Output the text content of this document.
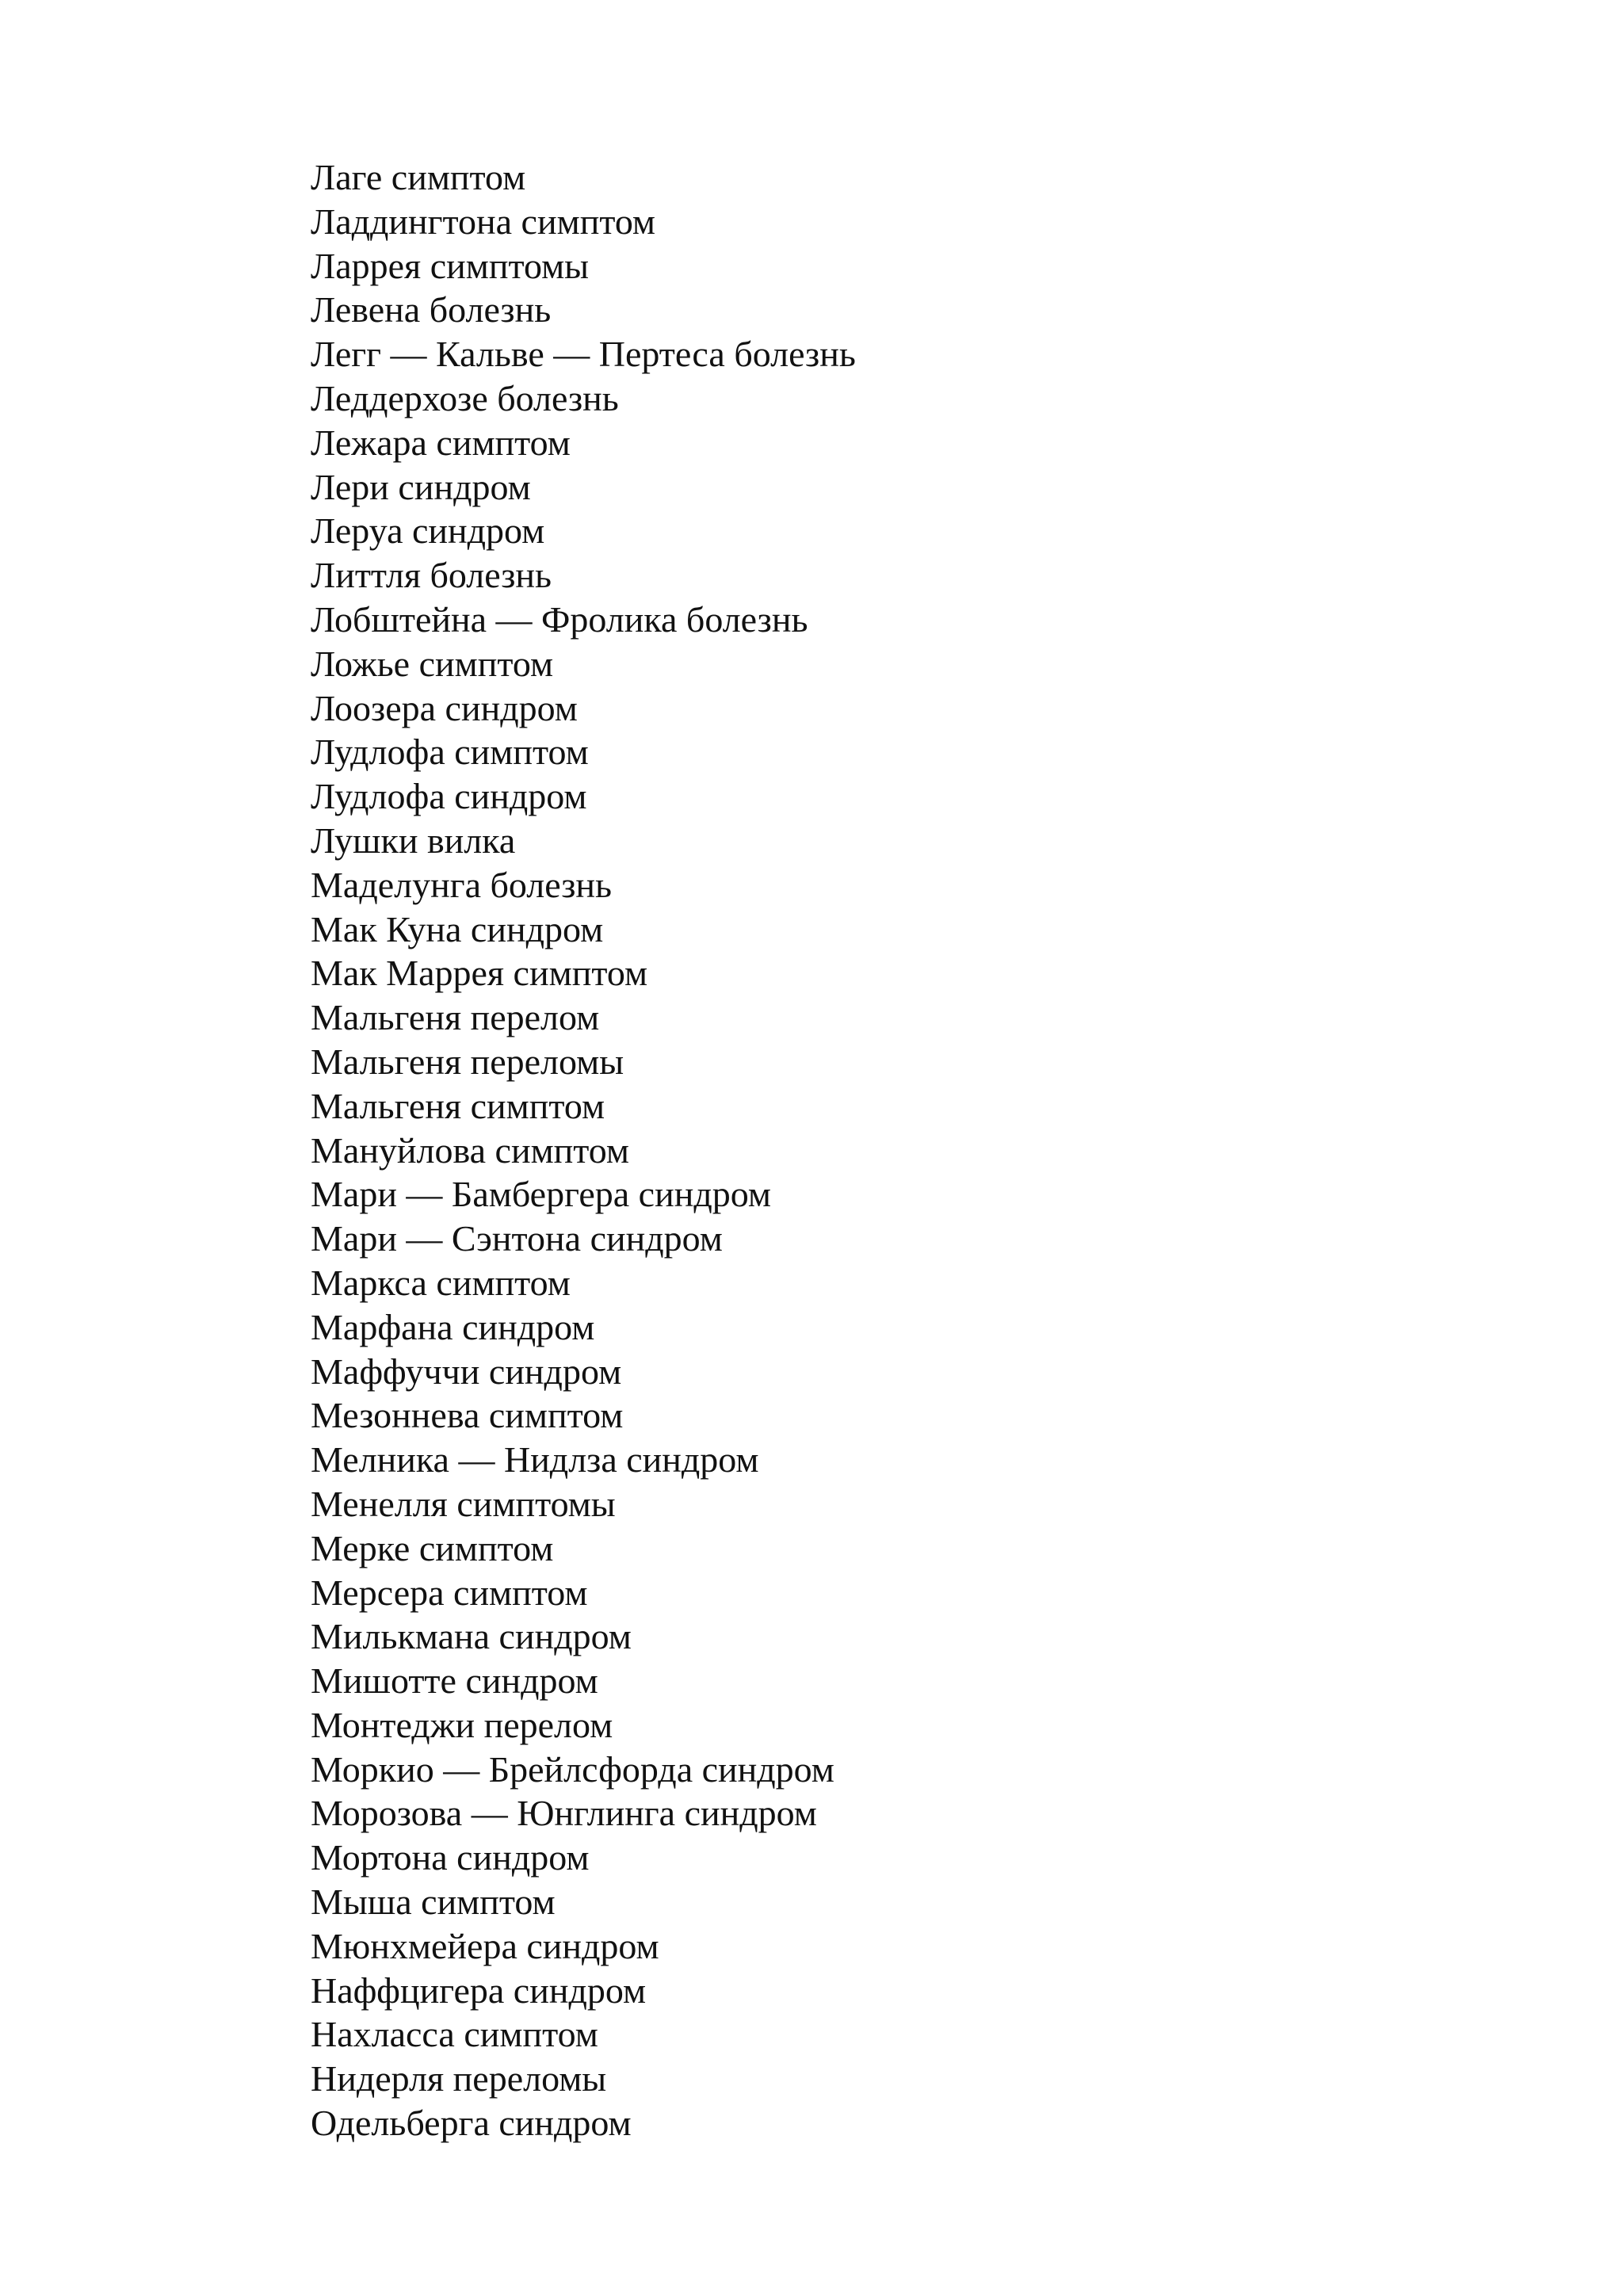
Лаге симптом
Ладдингтона симптом
Ларрея симптомы
Левена болезнь
Легг — Кальве — Пертеса болезнь
Леддерхозе болезнь
Лежара симптом
Лери синдром
Леруа синдром
Литтля болезнь
Лобштейна — Фролика болезнь
Ложье симптом
Лоозера синдром
Лудлофа симптом
Лудлофа синдром
Лушки вилка
Маделунга болезнь
Мак Куна синдром
Мак Маррея симптом
Мальгеня перелом
Мальгеня переломы
Мальгеня симптом
Мануйлова симптом
Мари — Бамбергера синдром
Мари — Сэнтона синдром
Маркса симптом
Марфана синдром
Маффуччи синдром
Мезоннева симптом
Мелника — Нидлза синдром
Менелля симптомы
Мерке симптом
Мерсера симптом
Милькмана синдром
Мишотте синдром
Монтеджи перелом
Моркио — Брейлсфорда синдром
Морозова — Юнглинга синдром
Мортона синдром
Мыша симптом
Мюнхмейера синдром
Наффцигера синдром
Нахласса симптом
Нидерля переломы
Одельберга синдром
